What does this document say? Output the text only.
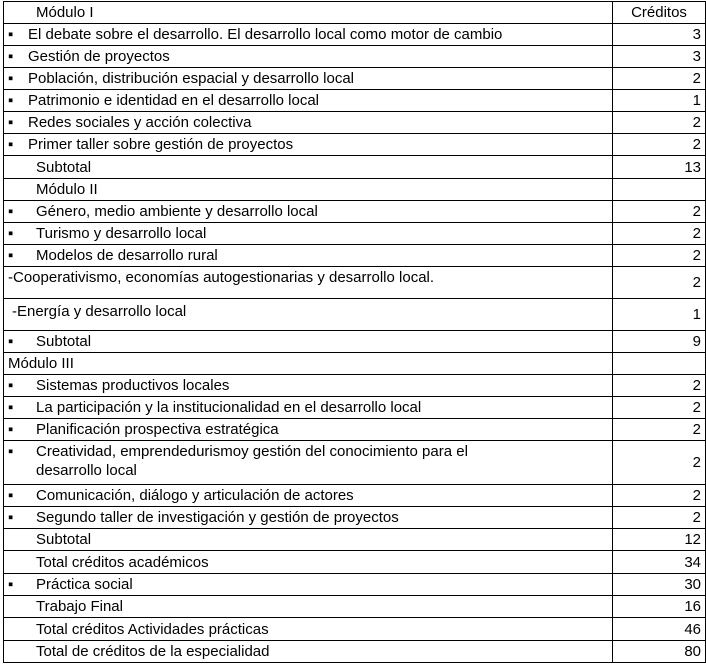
Módulo I	Créditos
▪ El debate sobre el desarrollo. El desarrollo local como motor de cambio	3
▪ Gestión de proyectos	3
▪ Población, distribución espacial y desarrollo local	2
▪ Patrimonio e identidad en el desarrollo local	1
▪ Redes sociales y acción colectiva	2
▪ Primer taller sobre gestión de proyectos	2
Subtotal	13
Módulo II	
▪ Género, medio ambiente y desarrollo local	2
▪ Turismo y desarrollo local	2
▪ Modelos de desarrollo rural	2
-Cooperativismo, economías autogestionarias y desarrollo local.	2
-Energía y desarrollo local	1
▪ Subtotal	9
Módulo III	
▪ Sistemas productivos locales	2
▪ La participación y la institucionalidad en el desarrollo local	2
▪ Planificación prospectiva estratégica	2

▪ Creatividad, emprendedurismoy gestión del conocimiento para el
desarrollo local	2
▪ Comunicación, diálogo y articulación de actores	2
▪ Segundo taller de investigación y gestión de proyectos	2
Subtotal	12
Total créditos académicos	34
▪ Práctica social	30
Trabajo Final	16
Total créditos Actividades prácticas	46
Total de créditos de la especialidad	80
